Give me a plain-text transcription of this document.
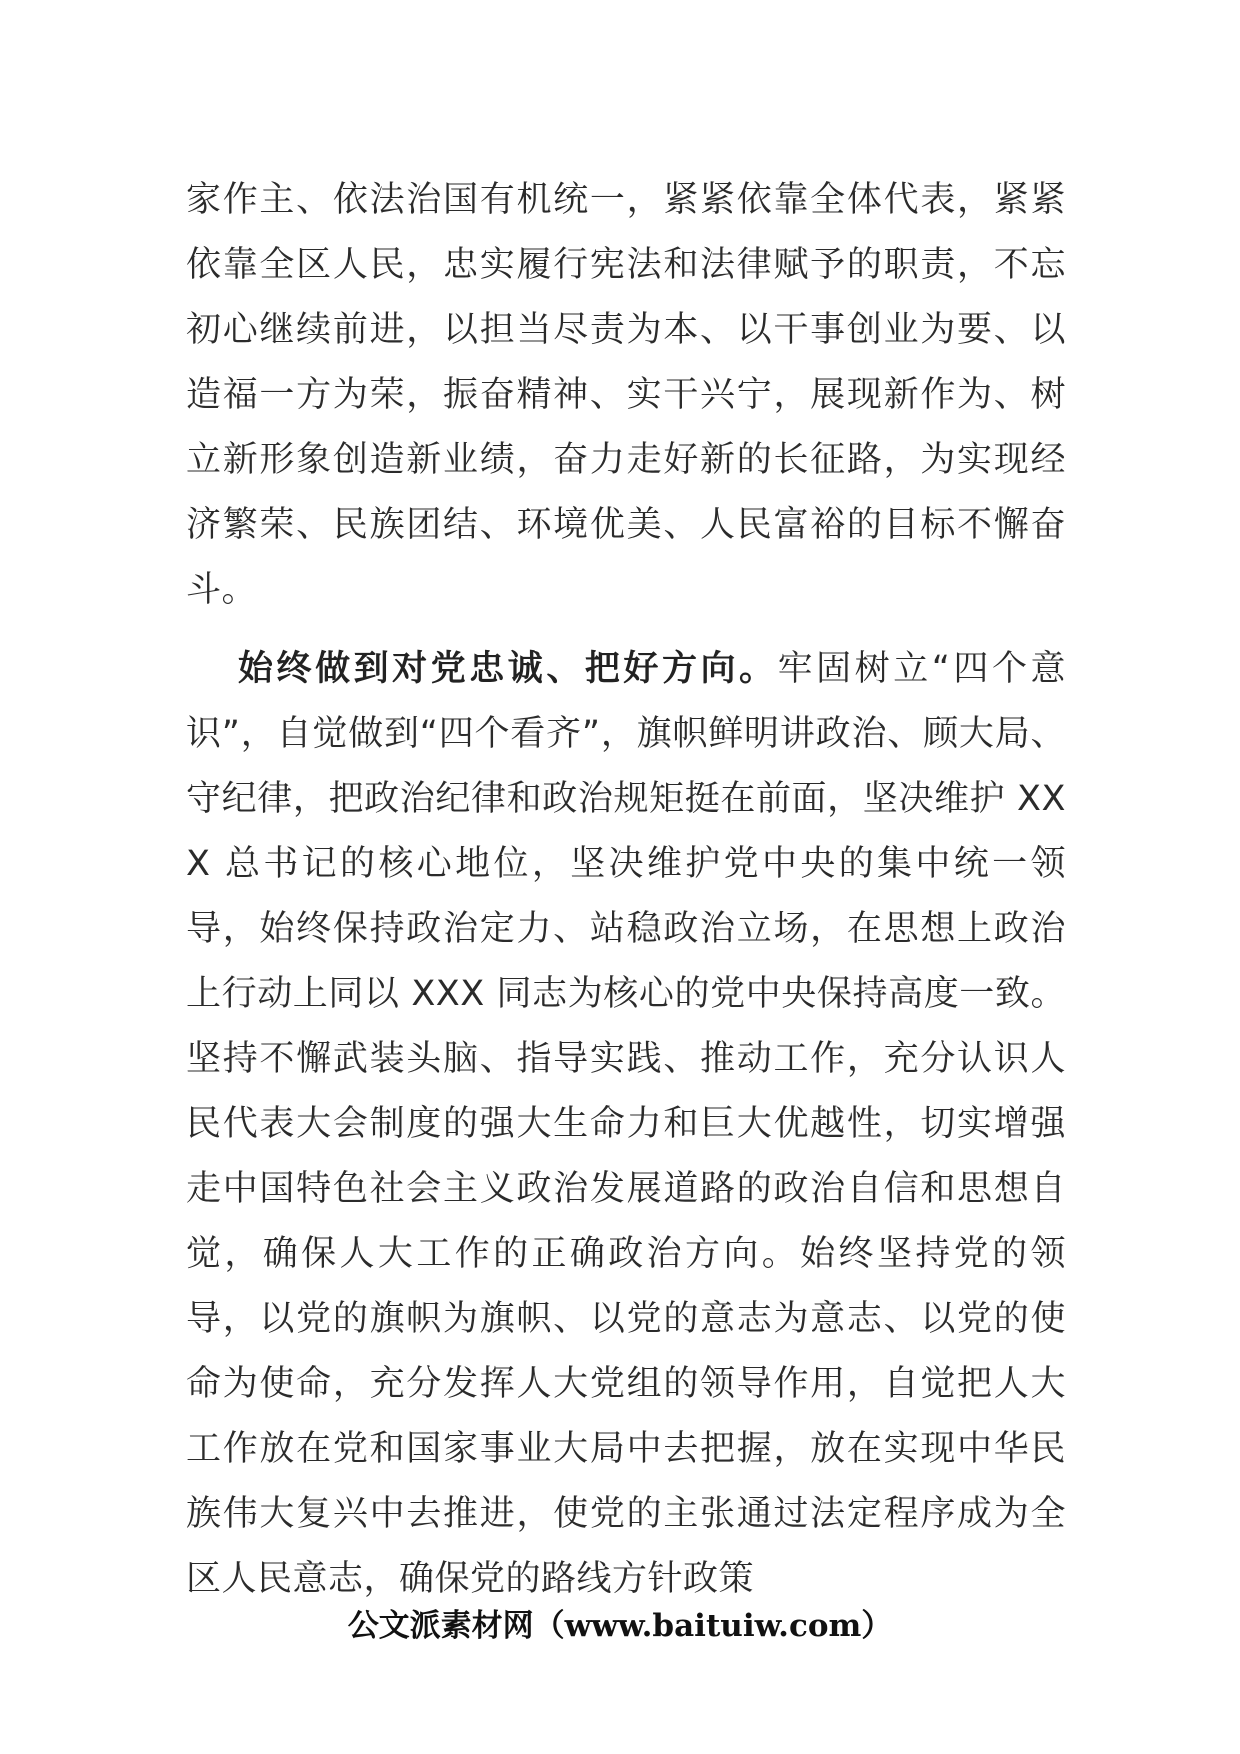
家作主、依法治国有机统一，紧紧依靠全体代表，紧紧依靠全区人民，忠实履行宪法和法律赋予的职责，不忘初心继续前进，以担当尽责为本、以干事创业为要、以造福一方为荣，振奋精神、实干兴宁，展现新作为、树立新形象创造新业绩，奋力走好新的长征路，为实现经济繁荣、民族团结、环境优美、人民富裕的目标不懈奋斗。

始终做到对党忠诚、把好方向。牢固树立“四个意识”，自觉做到“四个看齐”，旗帜鲜明讲政治、顾大局、守纪律，把政治纪律和政治规矩挺在前面，坚决维护 XXX 总书记的核心地位，坚决维护党中央的集中统一领导，始终保持政治定力、站稳政治立场，在思想上政治上行动上同以 XXX 同志为核心的党中央保持高度一致。坚持不懈武装头脑、指导实践、推动工作，充分认识人民代表大会制度的强大生命力和巨大优越性，切实增强走中国特色社会主义政治发展道路的政治自信和思想自觉，确保人大工作的正确政治方向。始终坚持党的领导，以党的旗帜为旗帜、以党的意志为意志、以党的使命为使命，充分发挥人大党组的领导作用，自觉把人大工作放在党和国家事业大局中去把握，放在实现中华民族伟大复兴中去推进，使党的主张通过法定程序成为全区人民意志，确保党的路线方针政策

公文派素材网（www.baituiw.com）
